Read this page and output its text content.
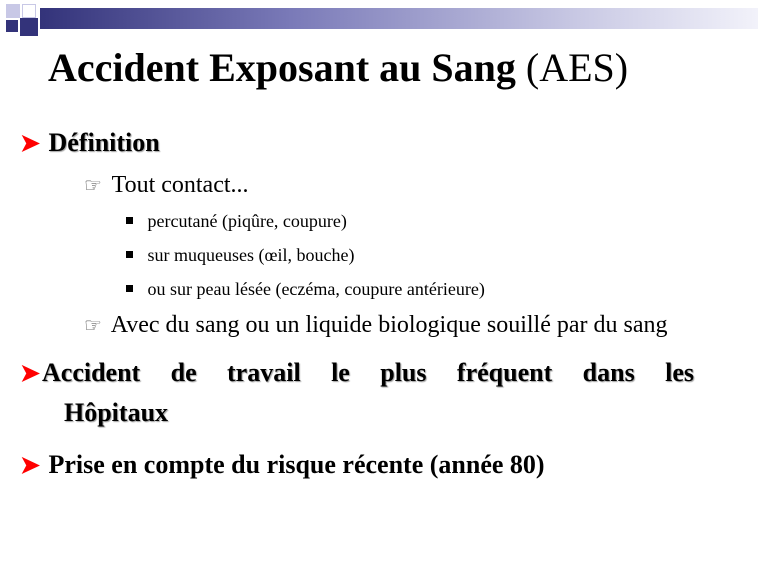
Accident Exposant au Sang (AES)
➤ Définition
☞ Tout contact...
percutané (piqûre, coupure)
sur muqueuses (œil, bouche)
ou sur peau lésée (eczéma, coupure antérieure)
☞ Avec du sang ou un liquide biologique souillé par du sang
➤ Accident de travail le plus fréquent dans les
Hôpitaux
➤ Prise en compte du risque récente (année 80)
